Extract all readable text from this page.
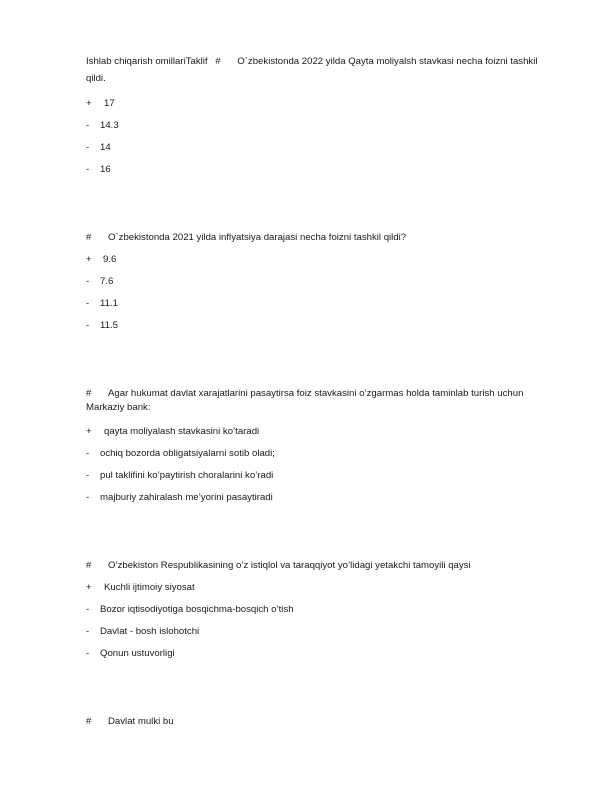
Ishlab chiqarish omillariTaklif # O`zbekistonda 2022 yilda Qayta moliyalsh stavkasi necha foizni tashkil
qildi.
+ 17
- 14.3
- 14
- 16
# O`zbekistonda 2021 yilda inflyatsiya darajasi necha foizni tashkil qildi?
+ 9.6
- 7.6
- 11.1
- 11.5
# Agar hukumat davlat xarajatlarini pasaytirsa foiz stavkasini o’zgarmas holda taminlab turish uchun
Markaziy bank:
+ qayta moliyalash stavkasini ko’taradi
- ochiq bozorda obligatsiyalarni sotib oladi;
- pul taklifini ko’paytirish choralarini ko’radi
- majburiy zahiralash me’yorini pasaytiradi
# O’zbekiston Respublikasining o’z istiqlol va taraqqiyot yo’lidagi yetakchi tamoyili qaysi
+ Kuchli ijtimoiy siyosat
- Bozor iqtisodiyotiga bosqichma-bosqich o’tish
- Davlat - bosh islohotchi
- Qonun ustuvorligi
# Davlat mulki bu
